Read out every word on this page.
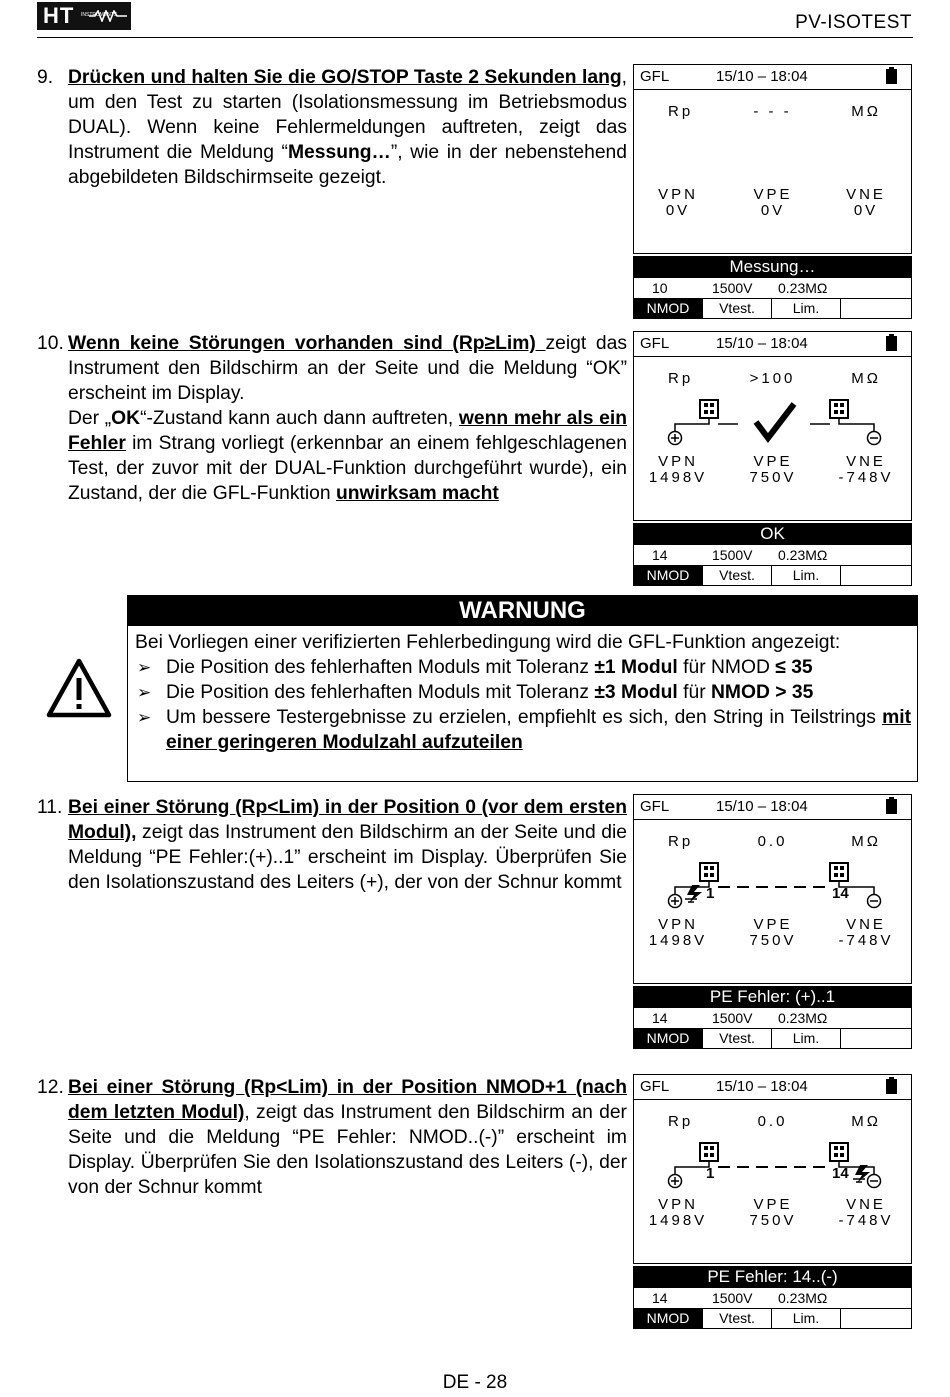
HT INSTRUMENTS	PV-ISOTEST
9. Drücken und halten Sie die GO/STOP Taste 2 Sekunden lang, um den Test zu starten (Isolationsmessung im Betriebsmodus DUAL). Wenn keine Fehlermeldungen auftreten, zeigt das Instrument die Meldung “Messung…”, wie in der nebenstehend abgebildeten Bildschirmseite gezeigt.

10. Wenn keine Störungen vorhanden sind (Rp≥Lim) zeigt das Instrument den Bildschirm an der Seite und die Meldung “OK” erscheint im Display.

Der „OK“-Zustand kann auch dann auftreten, wenn mehr als ein Fehler im Strang vorliegt (erkennbar an einem fehlgeschlagenen Test, der zuvor mit der DUAL-Funktion durchgeführt wurde), ein Zustand, der die GFL-Funktion unwirksam macht

11. Bei einer Störung (Rp<Lim) in der Position 0 (vor dem ersten Modul), zeigt das Instrument den Bildschirm an der Seite und die Meldung “PE Fehler:(+)..1” erscheint im Display. Überprüfen Sie den Isolationszustand des Leiters (+), der von der Schnur kommt

12. Bei einer Störung (Rp<Lim) in der Position NMOD+1 (nach dem letzten Modul), zeigt das Instrument den Bildschirm an der Seite und die Meldung “PE Fehler: NMOD..(-)” erscheint im Display. Überprüfen Sie den Isolationszustand des Leiters (-), der von der Schnur kommt

GFL	15/10 – 18:04
Rp	- - -	MΩ
VPN	VPE	VNE
0V	0V	0V
Messung…
10	1500V 0.23MΩ
NMOD	Vtest.	Lim.
GFL	15/10 – 18:04
Rp	>100	MΩ
VPN	VPE	VNE
1498V	750V	-748V
OK
14	1500V 0.23MΩ
NMOD	Vtest.	Lim.
GFL	15/10 – 18:04
Rp	0.0	MΩ
1	14
VPN	VPE	VNE
1498V	750V	-748V
PE Fehler: (+)..1
14	1500V 0.23MΩ
NMOD	Vtest.	Lim.
GFL	15/10 – 18:04
Rp	0.0	MΩ
1	14
VPN	VPE	VNE
1498V	750V	-748V
PE Fehler: 14..(-)
14	1500V 0.23MΩ
NMOD	Vtest.	Lim.
WARNUNG

Bei Vorliegen einer verifizierten Fehlerbedingung wird die GFL-Funktion angezeigt:

➢ Die Position des fehlerhaften Moduls mit Toleranz ±1 Modul für NMOD ≤ 35
➢ Die Position des fehlerhaften Moduls mit Toleranz ±3 Modul für NMOD > 35
➢ Um bessere Testergebnisse zu erzielen, empfiehlt es sich, den String in Teilstrings mit einer geringeren Modulzahl aufzuteilen
DE - 28
